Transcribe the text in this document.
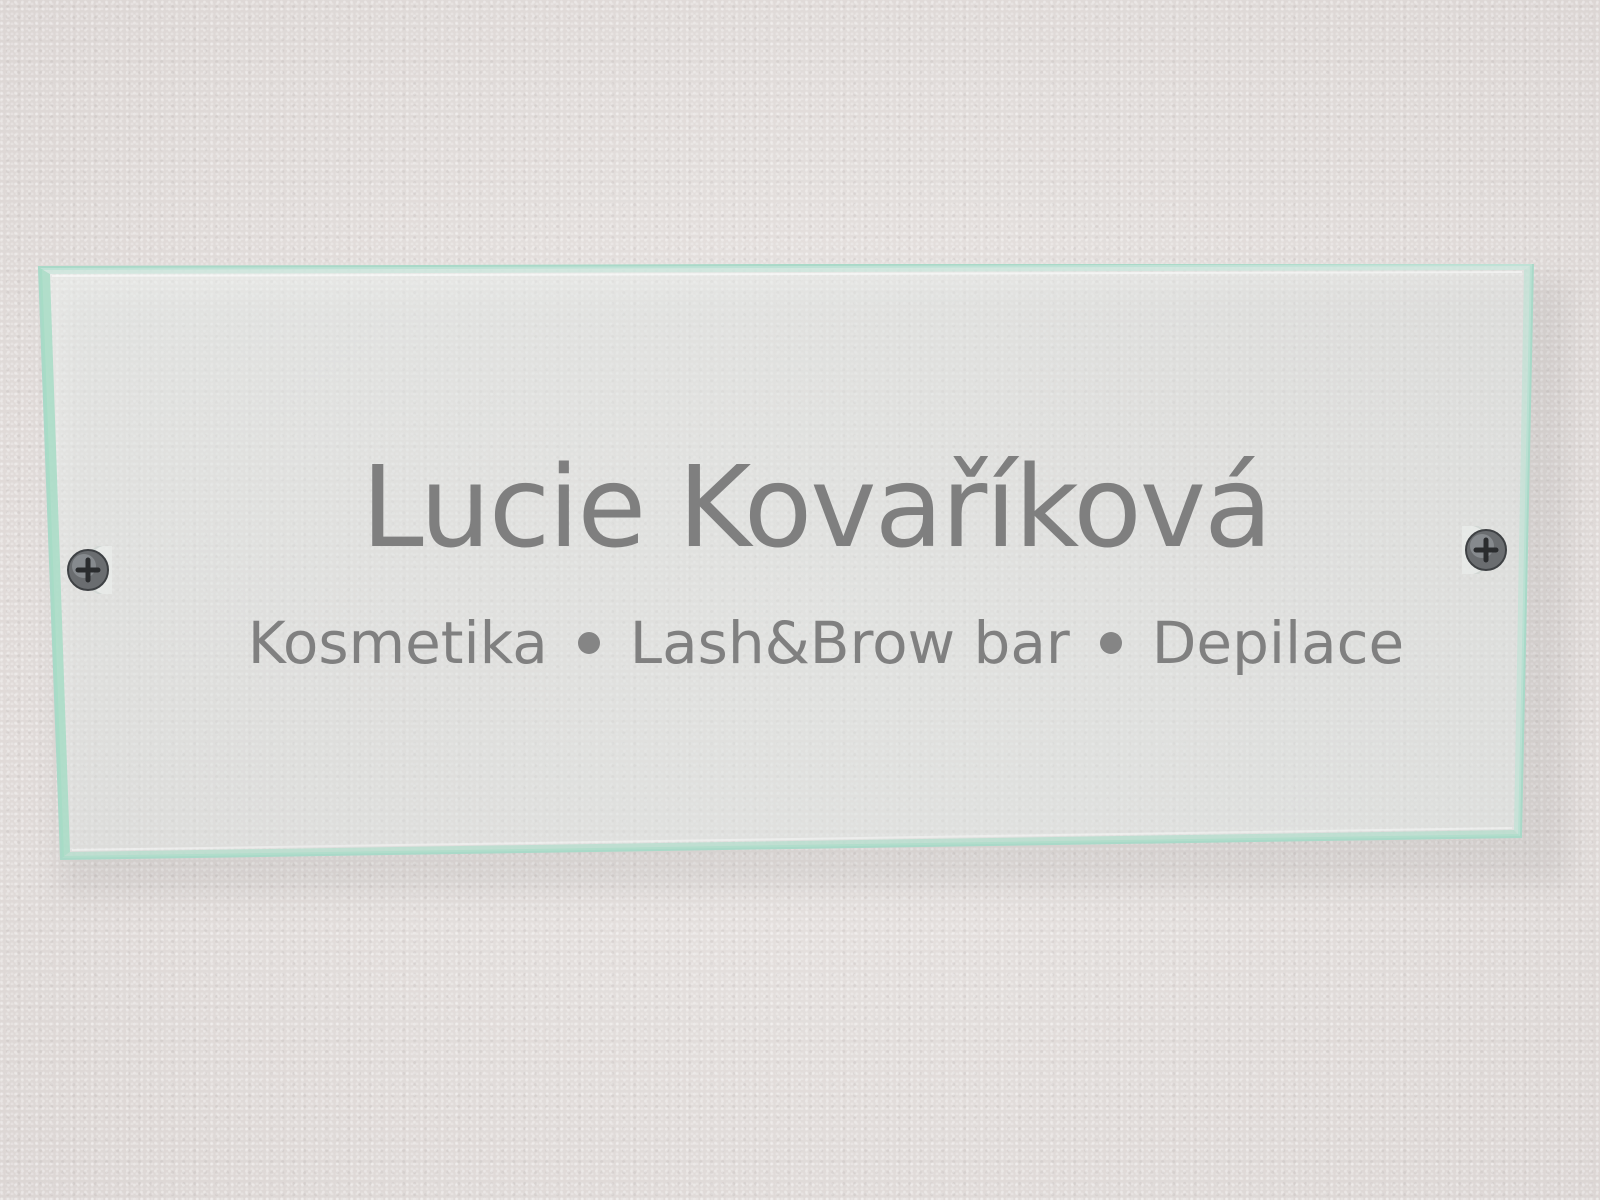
Lucie Kovaříková
Kosmetika Lash&Brow bar Depilace
